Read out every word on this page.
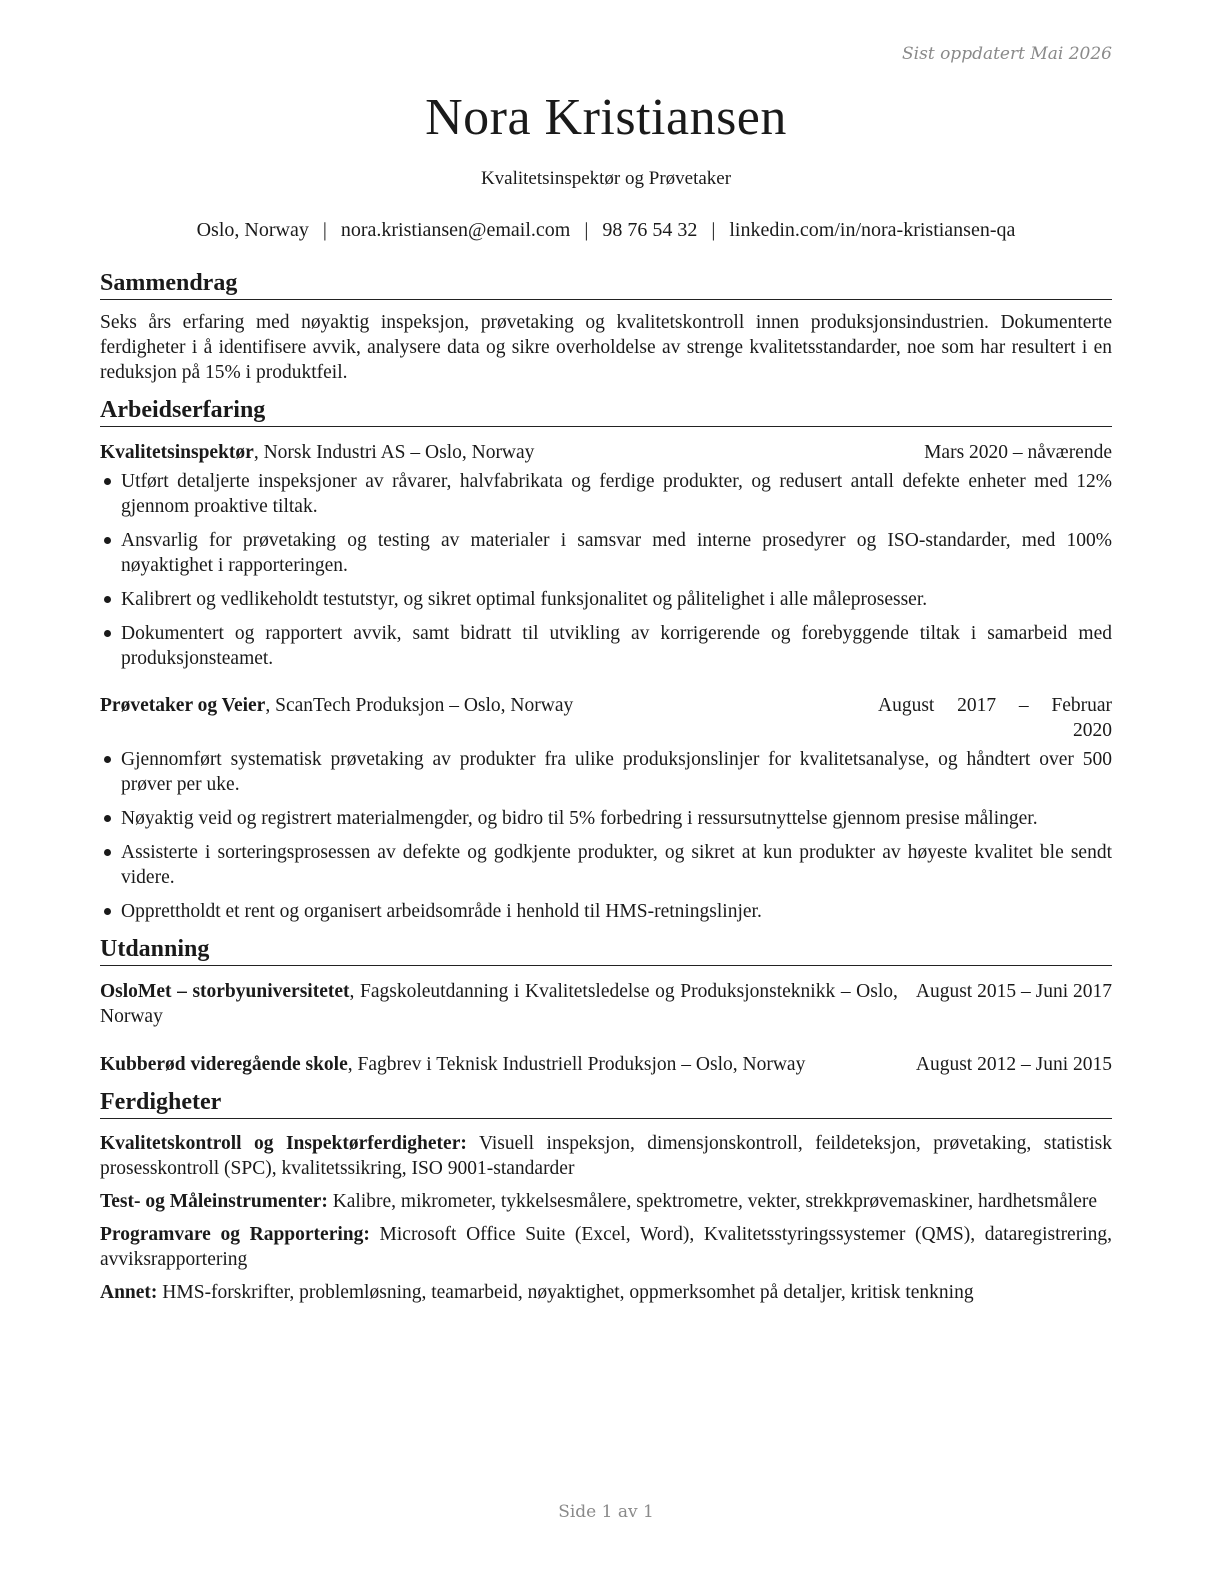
Sist oppdatert Mai 2026
Nora Kristiansen
Kvalitetsinspektør og Prøvetaker
Oslo, Norway | nora.kristiansen@email.com | 98 76 54 32 | linkedin.com/in/nora-kristiansen-qa
Sammendrag

Seks års erfaring med nøyaktig inspeksjon, prøvetaking og kvalitetskontroll innen produksjonsindustrien. Dokumenterte ferdigheter i å identifisere avvik, analysere data og sikre overholdelse av strenge kvalitetsstandarder, noe som har resultert i en reduksjon på 15% i produktfeil.

Arbeidserfaring
Kvalitetsinspektør, Norsk Industri AS – Oslo, Norway	Mars 2020 – nåværende
Utført detaljerte inspeksjoner av råvarer, halvfabrikata og ferdige produkter, og redusert antall defekte enheter med 12% gjennom proaktive tiltak.
Ansvarlig for prøvetaking og testing av materialer i samsvar med interne prosedyrer og ISO-standarder, med 100% nøyaktighet i rapporteringen.
Kalibrert og vedlikeholdt testutstyr, og sikret optimal funksjonalitet og pålitelighet i alle måleprosesser.
Dokumentert og rapportert avvik, samt bidratt til utvikling av korrigerende og forebyggende tiltak i samarbeid med produksjonsteamet.
Prøvetaker og Veier, ScanTech Produksjon – Oslo, Norway	August 2017 – Februar 2020
Gjennomført systematisk prøvetaking av produkter fra ulike produksjonslinjer for kvalitetsanalyse, og håndtert over 500 prøver per uke.
Nøyaktig veid og registrert materialmengder, og bidro til 5% forbedring i ressursutnyttelse gjennom presise målinger.
Assisterte i sorteringsprosessen av defekte og godkjente produkter, og sikret at kun produkter av høyeste kvalitet ble sendt videre.
Opprettholdt et rent og organisert arbeidsområde i henhold til HMS-retningslinjer.
Utdanning
OsloMet – storbyuniversitetet, Fagskoleutdanning i Kvalitetsledelse og Produksjonsteknikk – Oslo, Norway
August 2015 – Juni 2017
Kubberød videregående skole, Fagbrev i Teknisk Industriell Produksjon – Oslo, Norway	August 2012 – Juni 2015
Ferdigheter
Kvalitetskontroll og Inspektørferdigheter: Visuell inspeksjon, dimensjonskontroll, feildeteksjon, prøvetaking, statistisk prosesskontroll (SPC), kvalitetssikring, ISO 9001-standarder
Test- og Måleinstrumenter: Kalibre, mikrometer, tykkelsesmålere, spektrometre, vekter, strekkprøvemaskiner, hardhetsmålere
Programvare og Rapportering: Microsoft Office Suite (Excel, Word), Kvalitetsstyringssystemer (QMS), dataregistrering, avviksrapportering
Annet: HMS-forskrifter, problemløsning, teamarbeid, nøyaktighet, oppmerksomhet på detaljer, kritisk tenkning
Side 1 av 1
